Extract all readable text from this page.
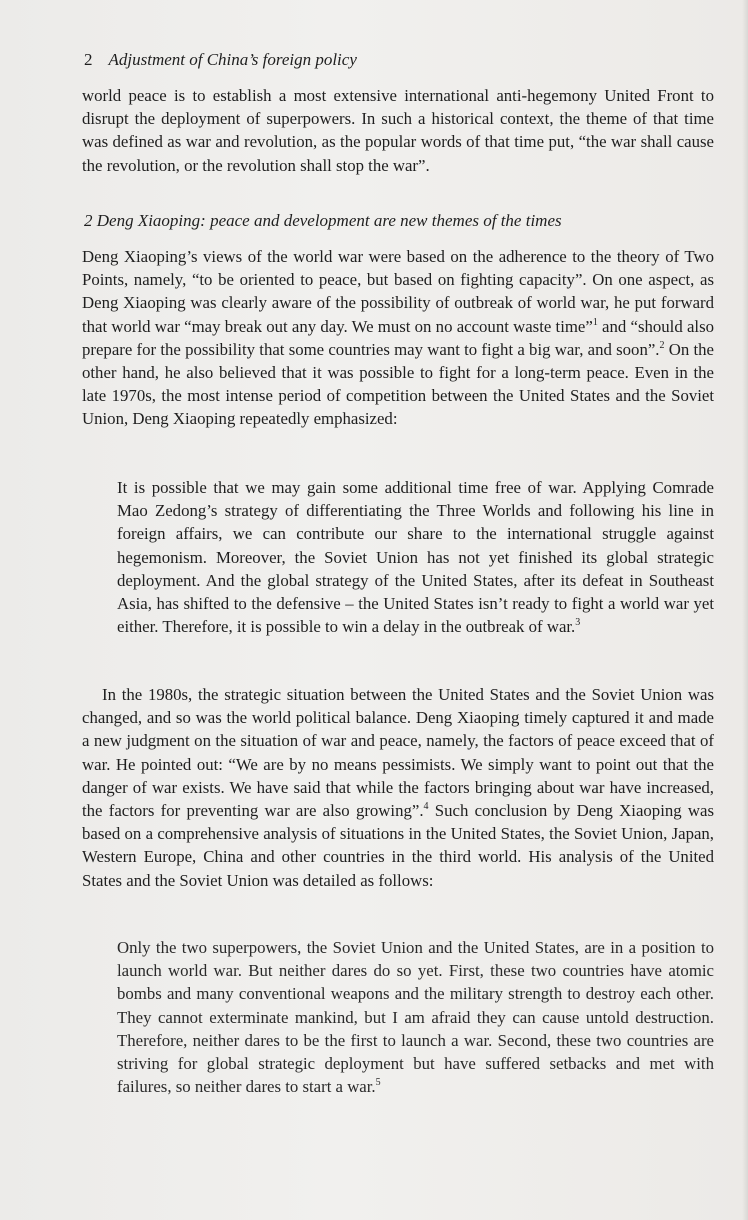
2 Adjustment of China’s foreign policy

world peace is to establish a most extensive international anti-hegemony United Front to disrupt the deployment of superpowers. In such a historical context, the theme of that time was defined as war and revolution, as the popular words of that time put, “the war shall cause the revolution, or the revolution shall stop the war”.

2 Deng Xiaoping: peace and development are new themes of the times

Deng Xiaoping’s views of the world war were based on the adherence to the theory of Two Points, namely, “to be oriented to peace, but based on fighting capacity”. On one aspect, as Deng Xiaoping was clearly aware of the possibility of outbreak of world war, he put forward that world war “may break out any day. We must on no account waste time”$^1$ and “should also prepare for the possibility that some countries may want to fight a big war, and soon”.$^2$ On the other hand, he also believed that it was possible to fight for a long-term peace. Even in the late 1970s, the most intense period of competition between the United States and the Soviet Union, Deng Xiaoping repeatedly emphasized:

It is possible that we may gain some additional time free of war. Applying Comrade Mao Zedong’s strategy of differentiating the Three Worlds and following his line in foreign affairs, we can contribute our share to the international struggle against hegemonism. Moreover, the Soviet Union has not yet finished its global strategic deployment. And the global strategy of the United States, after its defeat in Southeast Asia, has shifted to the defensive – the United States isn’t ready to fight a world war yet either. Therefore, it is possible to win a delay in the outbreak of war.$^3$

In the 1980s, the strategic situation between the United States and the Soviet Union was changed, and so was the world political balance. Deng Xiaoping timely captured it and made a new judgment on the situation of war and peace, namely, the factors of peace exceed that of war. He pointed out: “We are by no means pessimists. We simply want to point out that the danger of war exists. We have said that while the factors bringing about war have increased, the factors for preventing war are also growing”.$^4$ Such conclusion by Deng Xiaoping was based on a comprehensive analysis of situations in the United States, the Soviet Union, Japan, Western Europe, China and other countries in the third world. His analysis of the United States and the Soviet Union was detailed as follows:

Only the two superpowers, the Soviet Union and the United States, are in a position to launch world war. But neither dares do so yet. First, these two countries have atomic bombs and many conventional weapons and the military strength to destroy each other. They cannot exterminate mankind, but I am afraid they can cause untold destruction. Therefore, neither dares to be the first to launch a war. Second, these two countries are striving for global strategic deployment but have suffered setbacks and met with failures, so neither dares to start a war.$^5$
